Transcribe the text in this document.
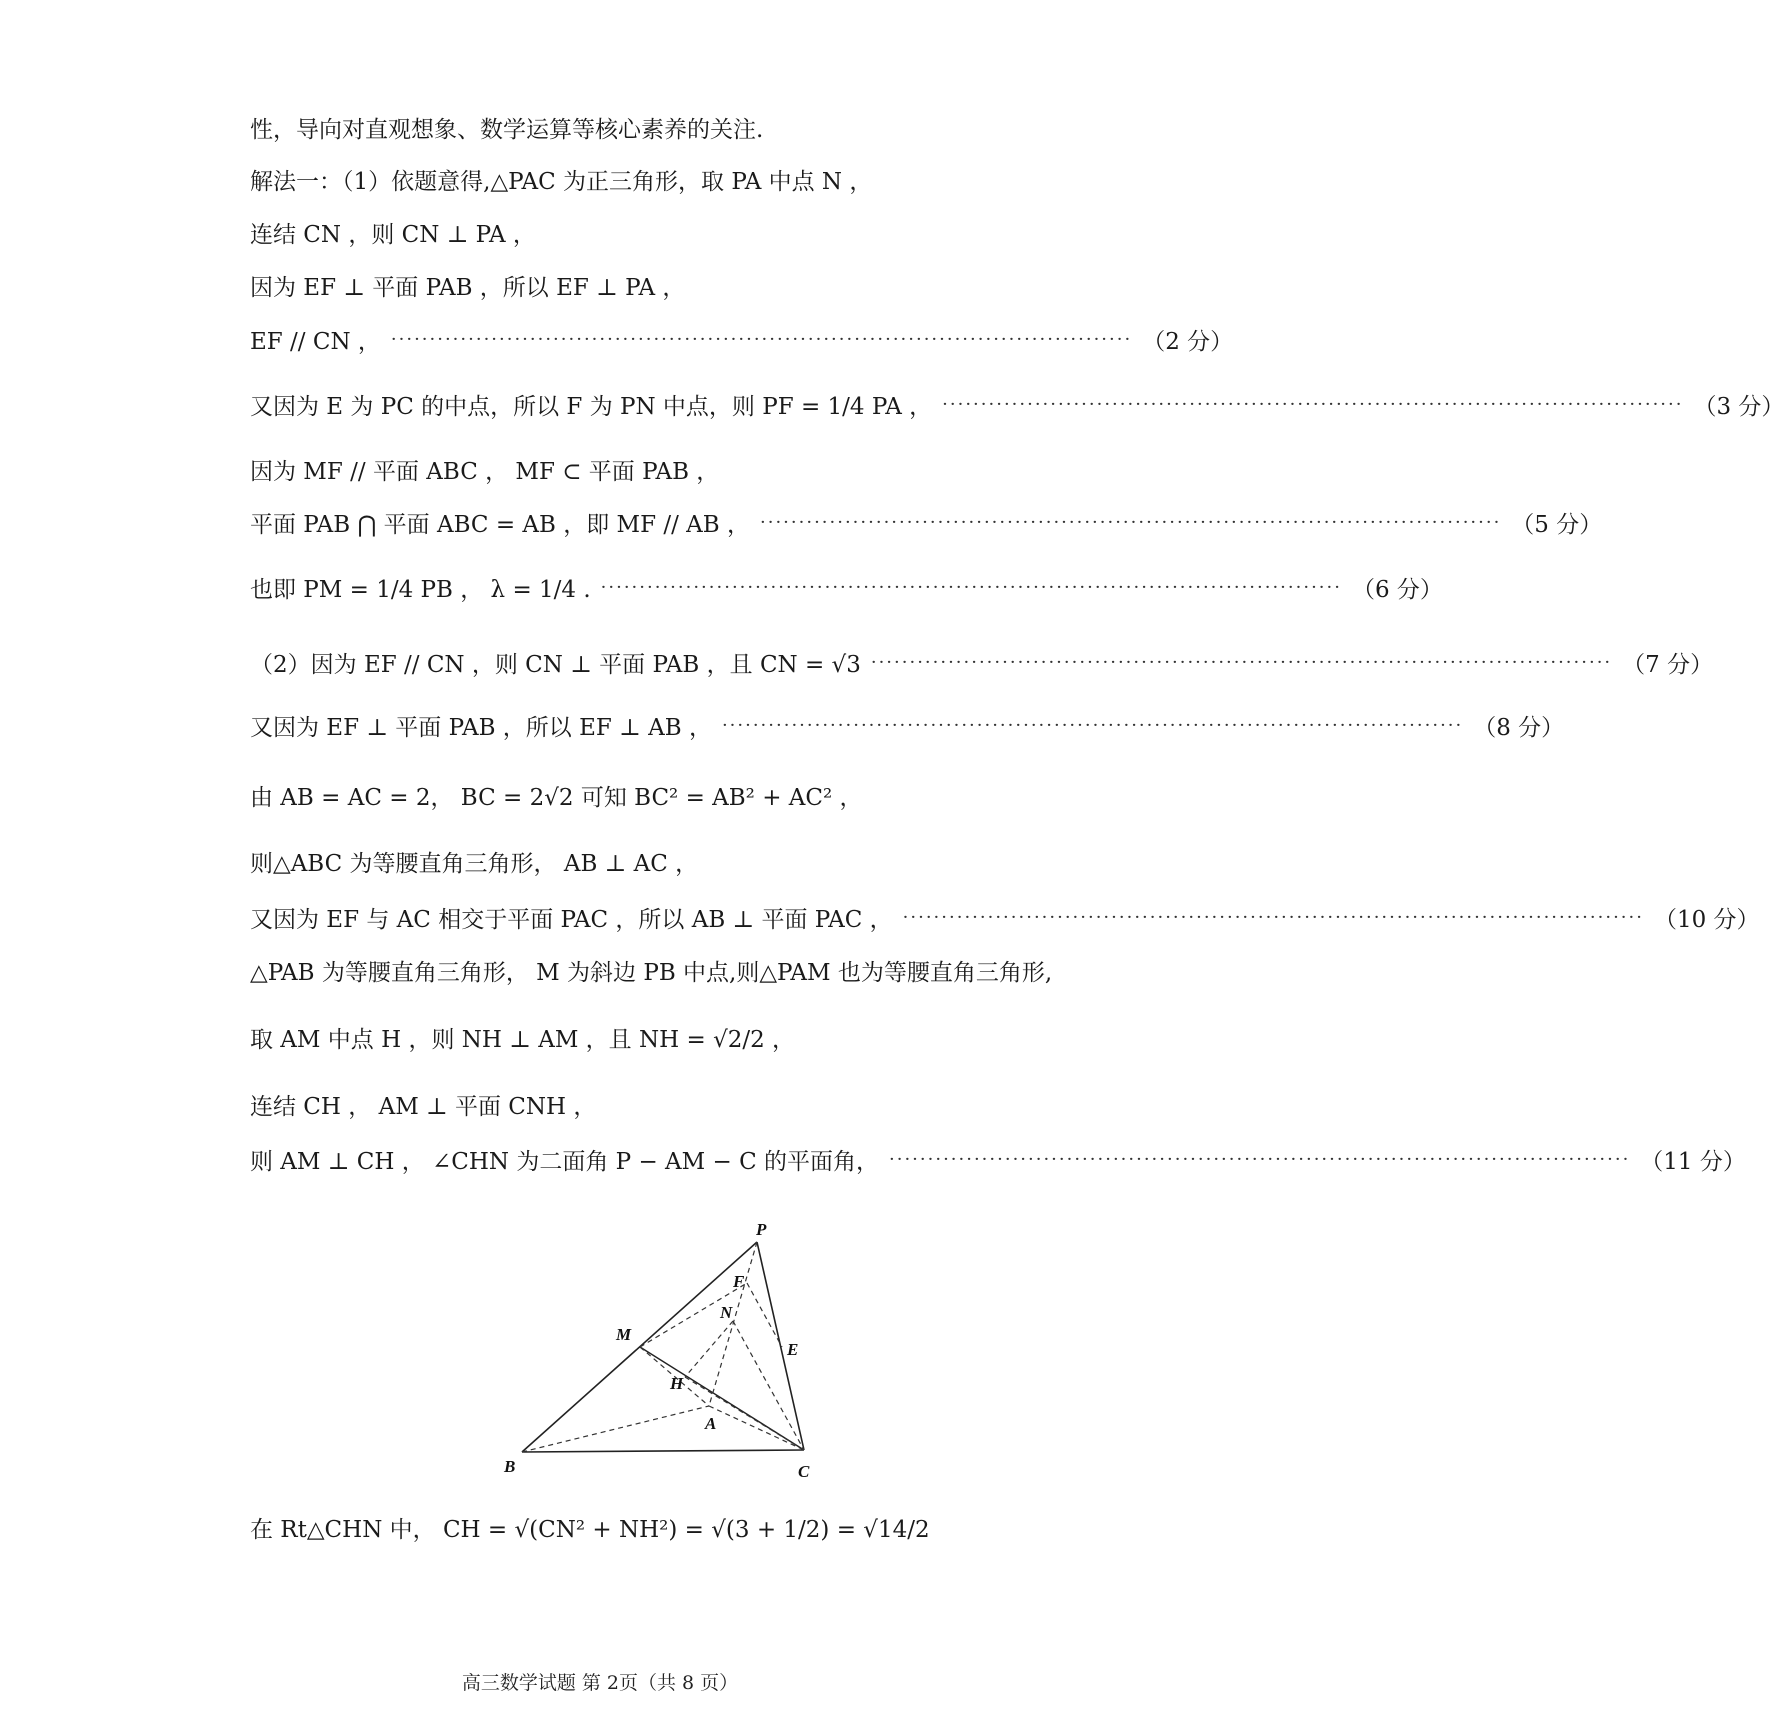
性，导向对直观想象、数学运算等核心素养的关注.
解法一：（1）依题意得,△PAC 为正三角形，取 PA 中点 N ，
连结 CN ，则 CN ⊥ PA ，
因为 EF ⊥ 平面 PAB ，所以 EF ⊥ PA ，
EF // CN ， ································································································ （2 分）
又因为 E 为 PC 的中点，所以 F 为 PN 中点，则 PF = 1/4 PA ， ································································································ （3 分）
因为 MF // 平面 ABC ， MF ⊂ 平面 PAB ，
平面 PAB ⋂ 平面 ABC = AB ，即 MF // AB ， ································································································ （5 分）
也即 PM = 1/4 PB ， λ = 1/4 . ································································································ （6 分）
（2）因为 EF // CN ，则 CN ⊥ 平面 PAB ，且 CN = √3 ································································································ （7 分）
又因为 EF ⊥ 平面 PAB ，所以 EF ⊥ AB ， ································································································ （8 分）
由 AB = AC = 2， BC = 2√2 可知 BC² = AB² + AC² ，
则△ABC 为等腰直角三角形， AB ⊥ AC ，
又因为 EF 与 AC 相交于平面 PAC ，所以 AB ⊥ 平面 PAC ， ································································································ （10 分）
△PAB 为等腰直角三角形， M 为斜边 PB 中点,则△PAM 也为等腰直角三角形,
取 AM 中点 H ，则 NH ⊥ AM ，且 NH = √2/2 ，
连结 CH ， AM ⊥ 平面 CNH ，
则 AM ⊥ CH ， ∠CHN 为二面角 P − AM − C 的平面角， ································································································ （11 分）
P
F
N
M
E
H
A
B	C
在 Rt△CHN 中， CH = √(CN² + NH²) = √(3 + 1/2) = √14/2
高三数学试题 第 2页（共 8 页）
